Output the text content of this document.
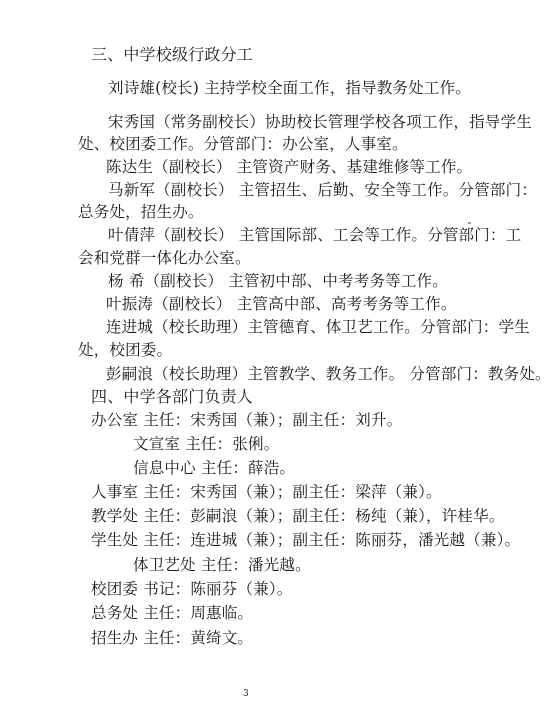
三、中学校级行政分工
刘诗雄(校长) 主持学校全面工作，指导教务处工作。
宋秀国（常务副校长）协助校长管理学校各项工作，指导学生
处、校团委工作。分管部门：办公室，人事室。
陈达生（副校长） 主管资产财务、基建维修等工作。
马新军（副校长） 主管招生、后勤、安全等工作。分管部门：
总务处，招生办。
叶倩萍（副校长） 主管国际部、工会等工作。分管部门：工
会和党群一体化办公室。
杨 希（副校长） 主管初中部、中考考务等工作。
叶振涛（副校长） 主管高中部、高考考务等工作。
连进城（校长助理）主管德育、体卫艺工作。分管部门：学生
处，校团委。
彭嗣浪（校长助理）主管教学、教务工作。 分管部门：教务处。
四、中学各部门负责人
办公室 主任：宋秀国（兼）；副主任：刘升。
文宣室 主任：张俐。
信息中心 主任：薛浩。
人事室 主任：宋秀国（兼）；副主任：梁萍（兼）。
教学处 主任：彭嗣浪（兼）；副主任：杨纯（兼），许桂华。
学生处 主任：连进城（兼）；副主任：陈丽芬，潘光越（兼）。
体卫艺处 主任：潘光越。
校团委 书记：陈丽芬（兼）。
总务处 主任：周惠临。
招生办 主任：黄绮文。
3
